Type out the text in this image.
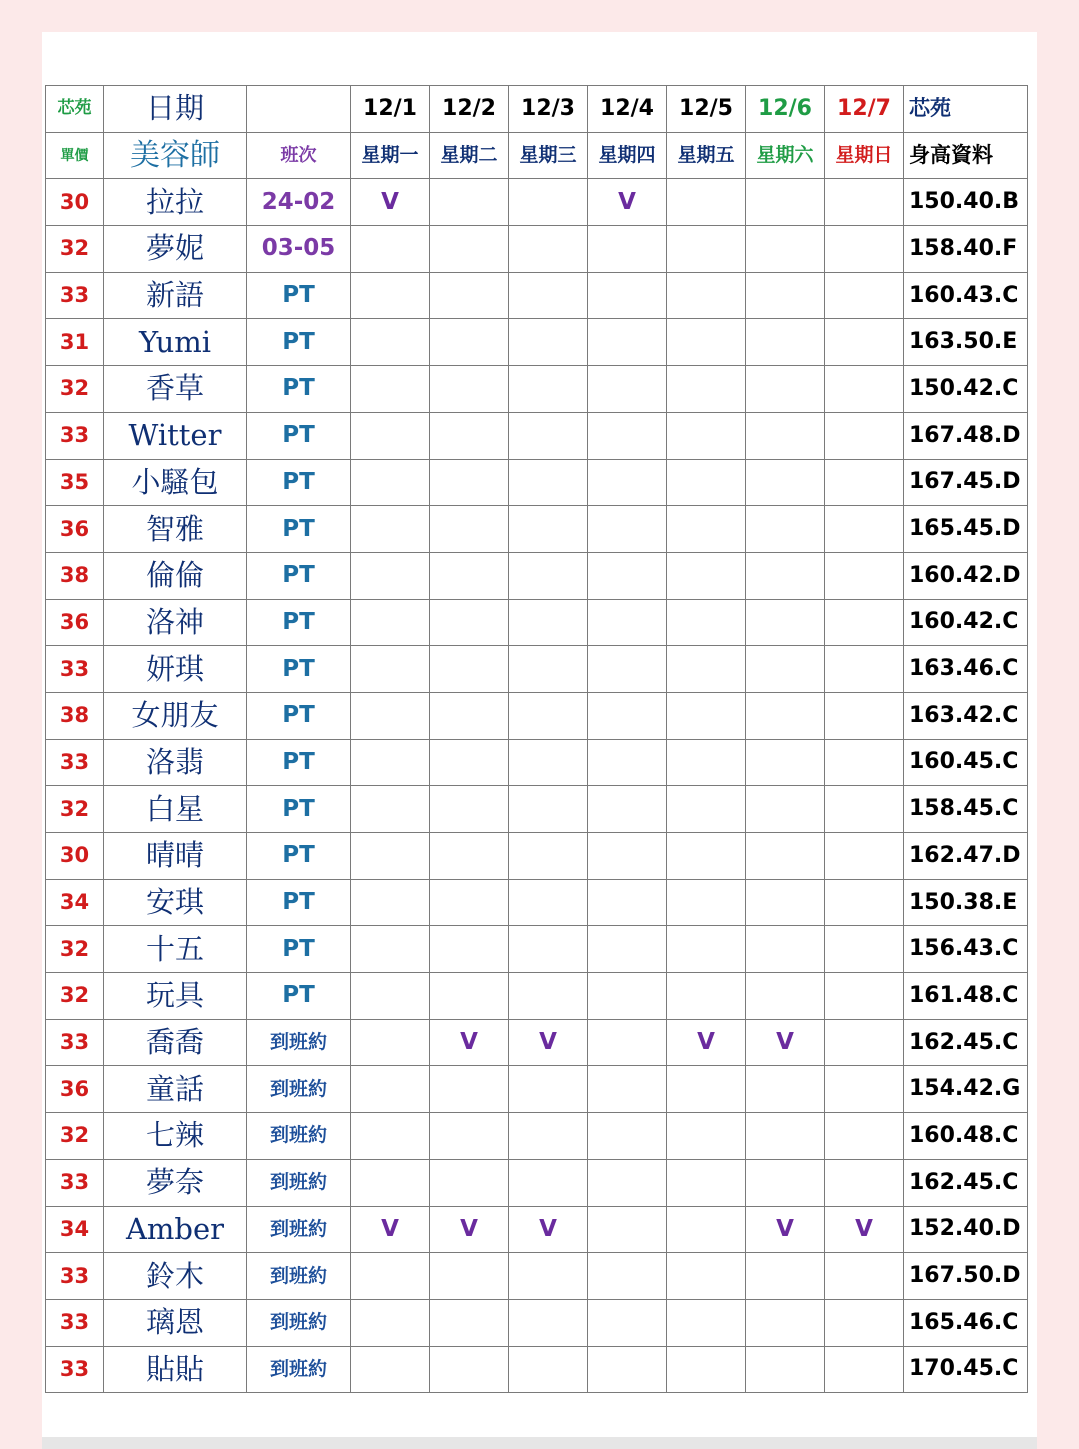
芯苑	日期		12/1	12/2	12/3	12/4	12/5	12/6	12/7	芯苑
單價	美容師	班次	星期一	星期二	星期三	星期四	星期五	星期六	星期日	身高資料
30	拉拉	24-02	V			V				150.40.B
32	夢妮	03-05								158.40.F
33	新語	PT								160.43.C
31	Yumi	PT								163.50.E
32	香草	PT								150.42.C
33	Witter	PT								167.48.D
35	小騷包	PT								167.45.D
36	智雅	PT								165.45.D
38	倫倫	PT								160.42.D
36	洛神	PT								160.42.C
33	妍琪	PT								163.46.C
38	女朋友	PT								163.42.C
33	洛翡	PT								160.45.C
32	白星	PT								158.45.C
30	晴晴	PT								162.47.D
34	安琪	PT								150.38.E
32	十五	PT								156.43.C
32	玩具	PT								161.48.C
33	喬喬	到班約		V	V		V	V		162.45.C
36	童話	到班約								154.42.G
32	七辣	到班約								160.48.C
33	夢奈	到班約								162.45.C
34	Amber	到班約	V	V	V			V	V	152.40.D
33	鈴木	到班約								167.50.D
33	璃恩	到班約								165.46.C
33	貼貼	到班約								170.45.C
